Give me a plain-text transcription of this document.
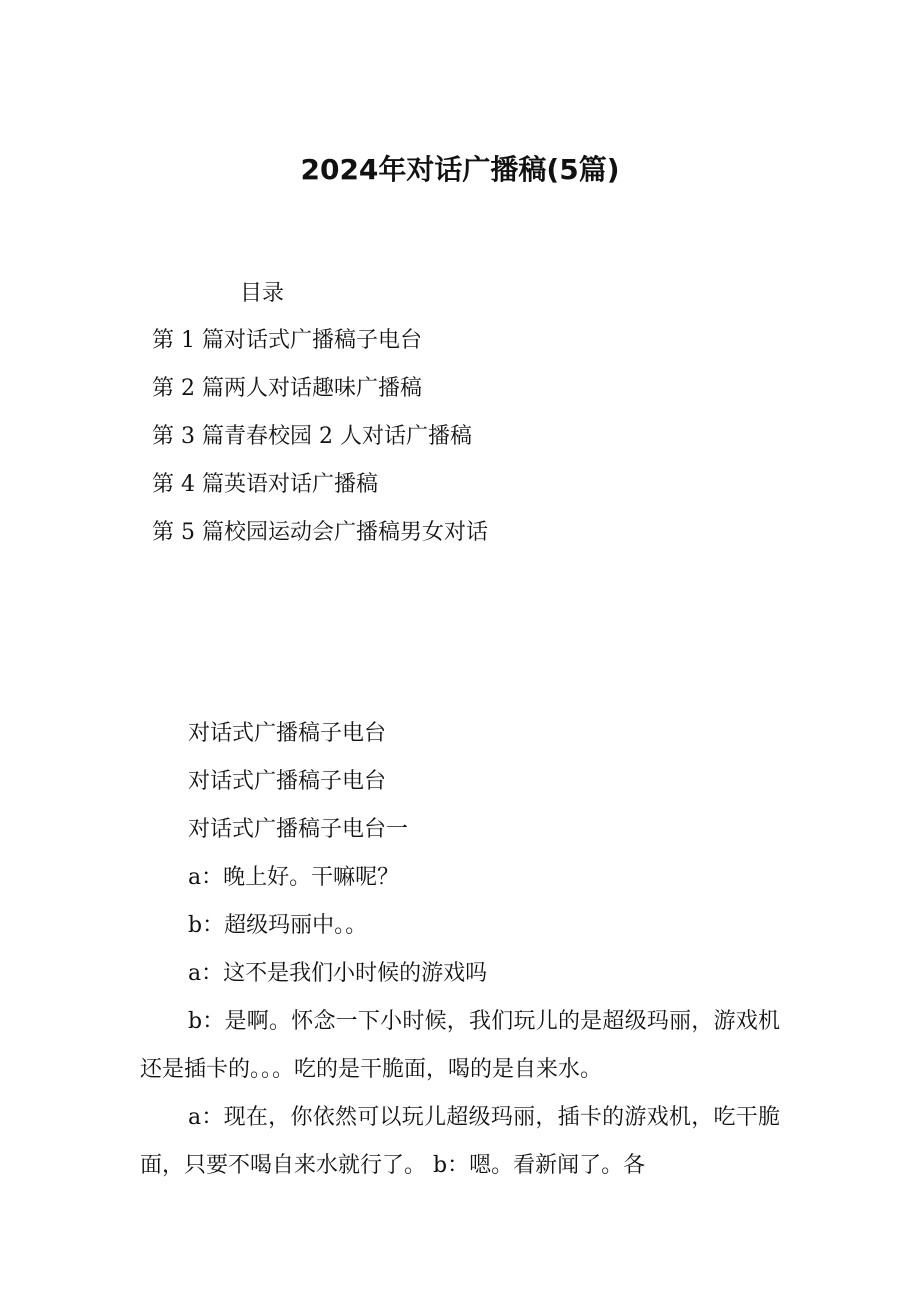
2024年对话广播稿(5篇)
目录
第 1 篇对话式广播稿子电台
第 2 篇两人对话趣味广播稿
第 3 篇青春校园 2 人对话广播稿
第 4 篇英语对话广播稿
第 5 篇校园运动会广播稿男女对话

对话式广播稿子电台

对话式广播稿子电台

对话式广播稿子电台一

a：晚上好。干嘛呢？

b：超级玛丽中。。

a：这不是我们小时候的游戏吗

b：是啊。怀念一下小时候，我们玩儿的是超级玛丽，游戏机还是插卡的。。。吃的是干脆面，喝的是自来水。

a：现在，你依然可以玩儿超级玛丽，插卡的游戏机，吃干脆面，只要不喝自来水就行了。 b：嗯。看新闻了。各
